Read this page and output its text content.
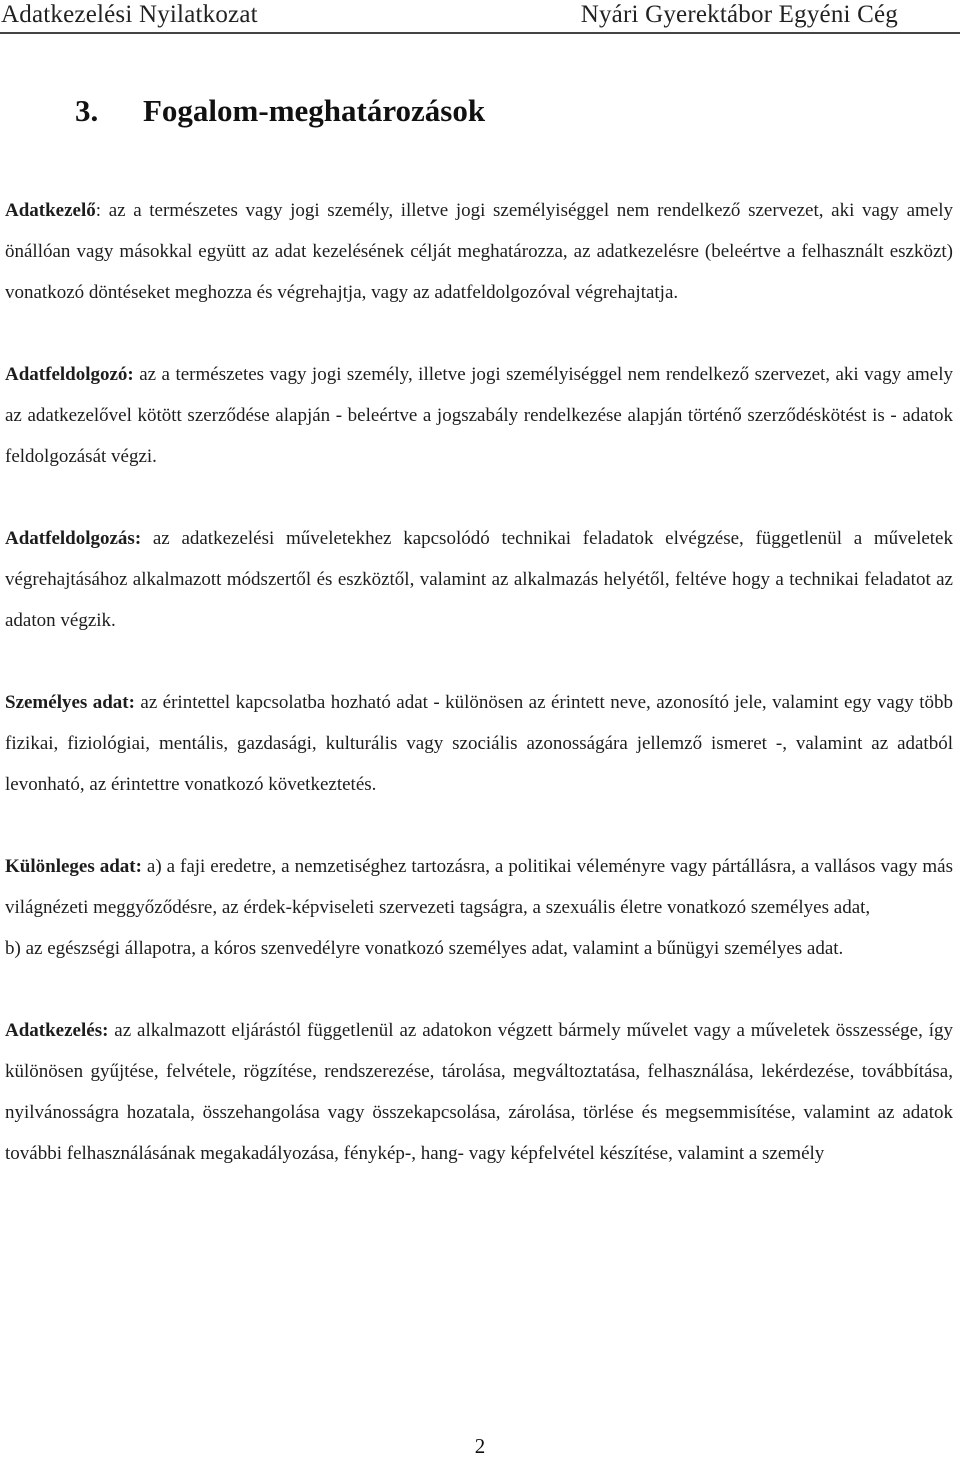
Adatkezelési Nyilatkozat	Nyári Gyerektábor Egyéni Cég
3. Fogalom-meghatározások

Adatkezelő: az a természetes vagy jogi személy, illetve jogi személyiséggel nem rendelkező szervezet, aki vagy amely önállóan vagy másokkal együtt az adat kezelésének célját meghatározza, az adatkezelésre (beleértve a felhasznált eszközt) vonatkozó döntéseket meghozza és végrehajtja, vagy az adatfeldolgozóval végrehajtatja.

Adatfeldolgozó: az a természetes vagy jogi személy, illetve jogi személyiséggel nem rendelkező szervezet, aki vagy amely az adatkezelővel kötött szerződése alapján - beleértve a jogszabály rendelkezése alapján történő szerződéskötést is - adatok feldolgozását végzi.

Adatfeldolgozás: az adatkezelési műveletekhez kapcsolódó technikai feladatok elvégzése, függetlenül a műveletek végrehajtásához alkalmazott módszertől és eszköztől, valamint az alkalmazás helyétől, feltéve hogy a technikai feladatot az adaton végzik.

Személyes adat: az érintettel kapcsolatba hozható adat - különösen az érintett neve, azonosító jele, valamint egy vagy több fizikai, fiziológiai, mentális, gazdasági, kulturális vagy szociális azonosságára jellemző ismeret -, valamint az adatból levonható, az érintettre vonatkozó következtetés.

Különleges adat: a) a faji eredetre, a nemzetiséghez tartozásra, a politikai véleményre vagy pártállásra, a vallásos vagy más világnézeti meggyőződésre, az érdek-képviseleti szervezeti tagságra, a szexuális életre vonatkozó személyes adat,

b) az egészségi állapotra, a kóros szenvedélyre vonatkozó személyes adat, valamint a bűnügyi személyes adat.

Adatkezelés: az alkalmazott eljárástól függetlenül az adatokon végzett bármely művelet vagy a műveletek összessége, így különösen gyűjtése, felvétele, rögzítése, rendszerezése, tárolása, megváltoztatása, felhasználása, lekérdezése, továbbítása, nyilvánosságra hozatala, összehangolása vagy összekapcsolása, zárolása, törlése és megsemmisítése, valamint az adatok további felhasználásának megakadályozása, fénykép-, hang- vagy képfelvétel készítése, valamint a személy

2
